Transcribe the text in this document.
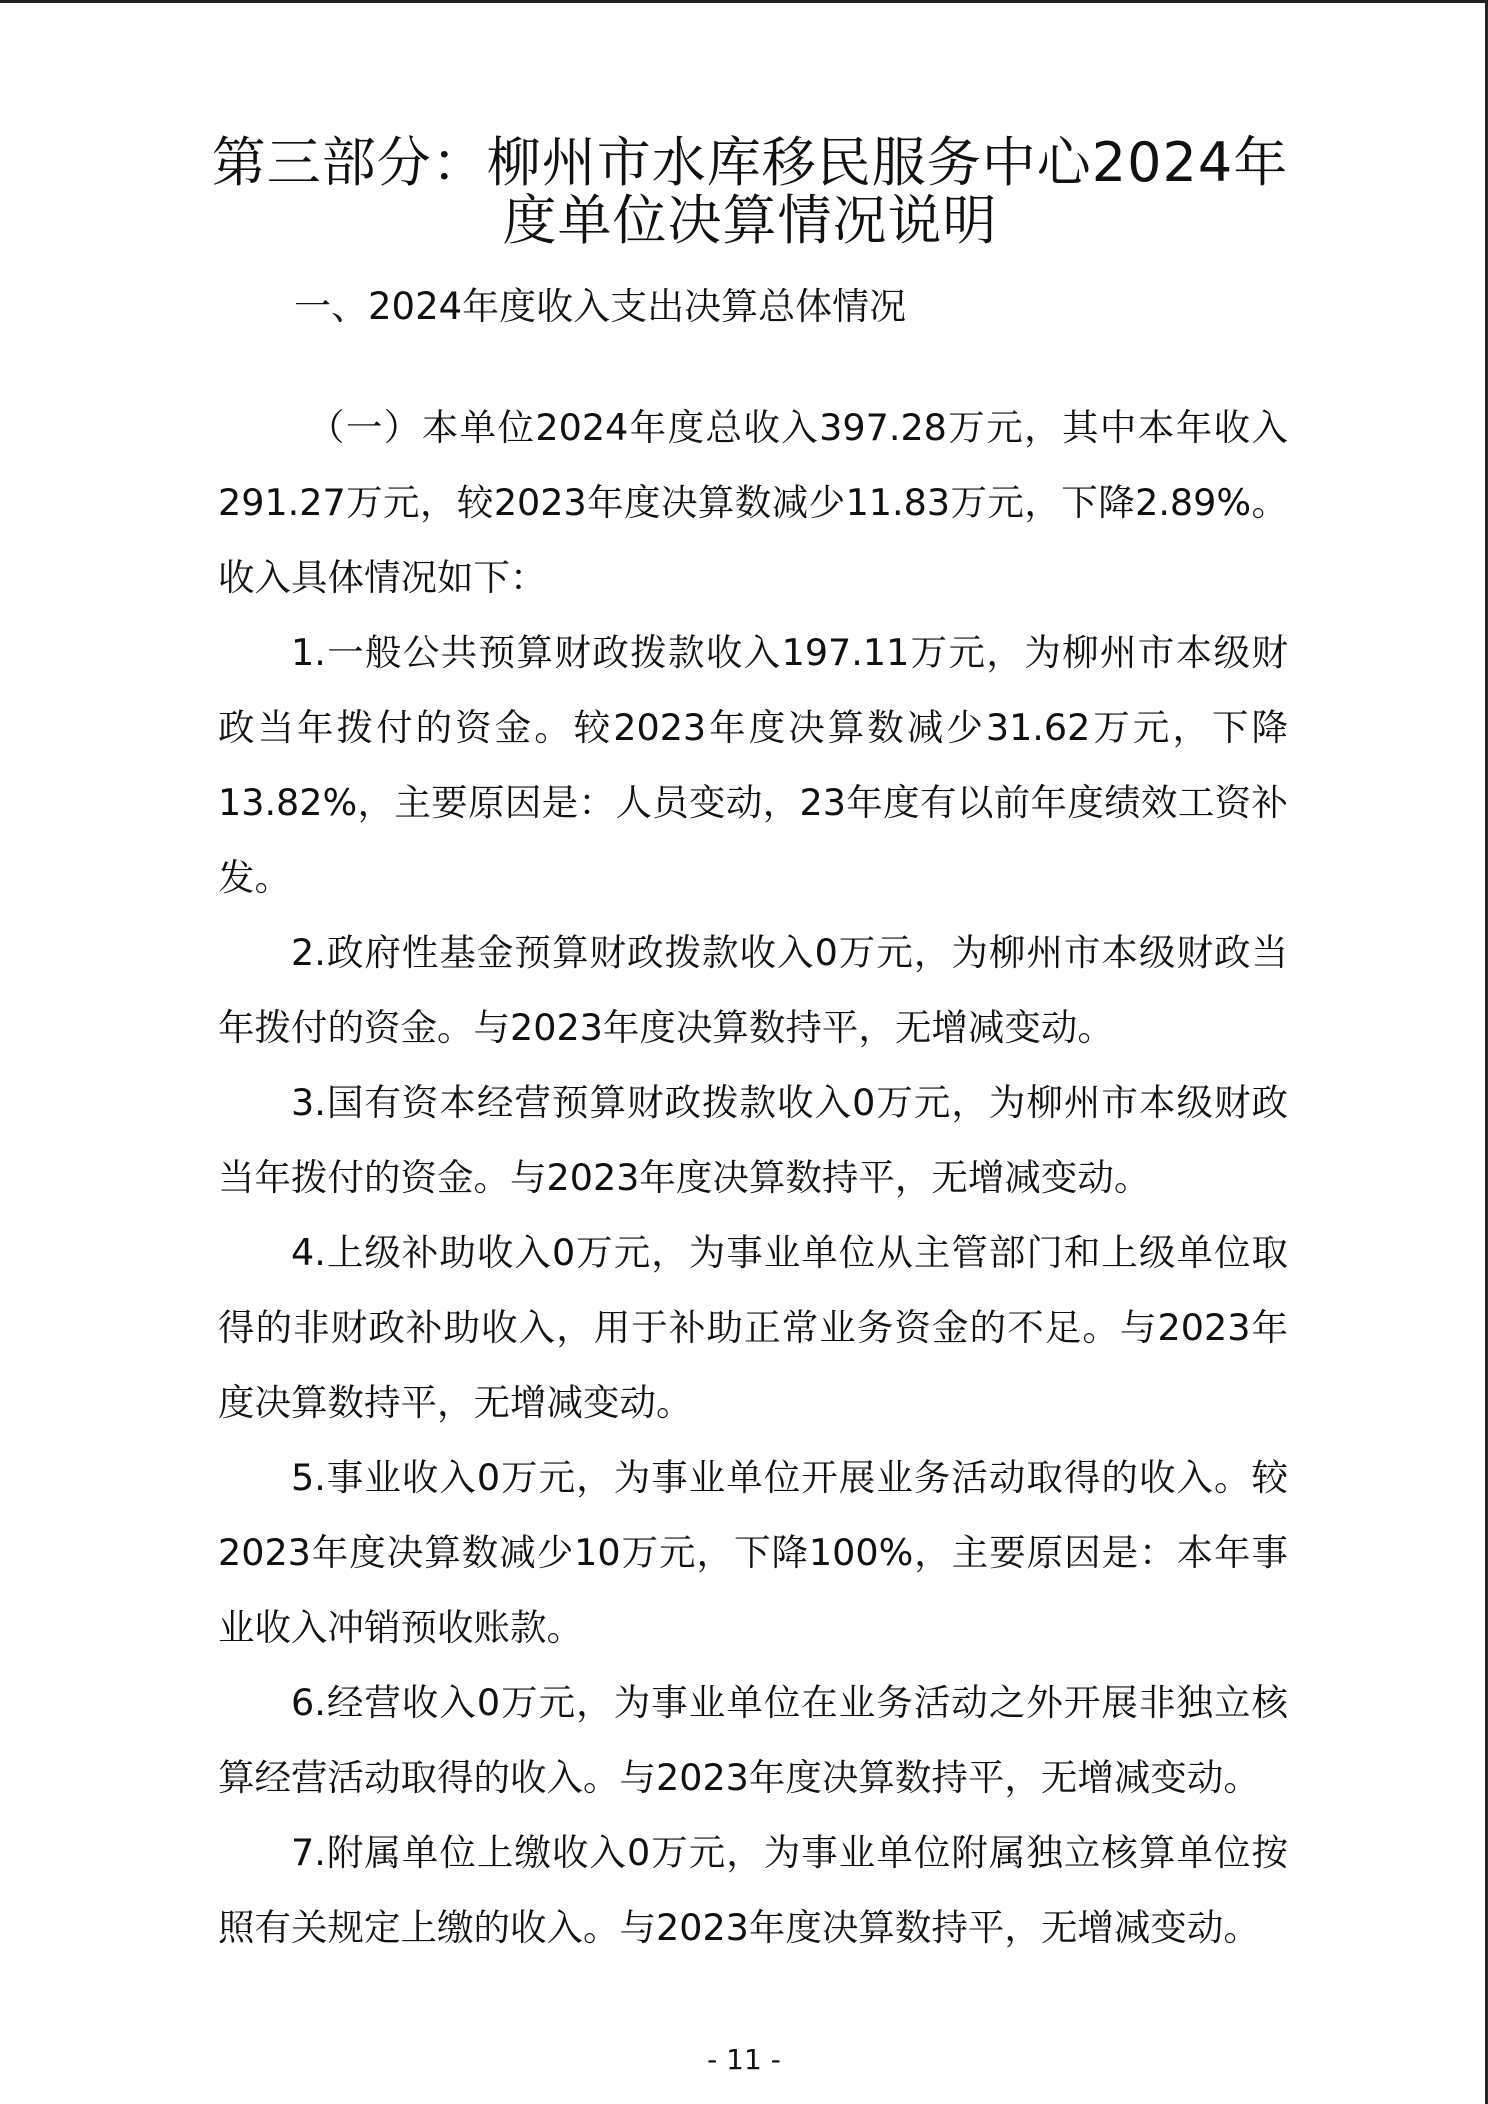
第三部分：柳州市水库移民服务中心2024年
度单位决算情况说明
一、2024年度收入支出决算总体情况

（一）本单位2024年度总收入397.28万元，其中本年收入291.27万元，较2023年度决算数减少11.83万元，下降2.89%。收入具体情况如下：

1.一般公共预算财政拨款收入197.11万元，为柳州市本级财政当年拨付的资金。较2023年度决算数减少31.62万元，下降13.82%，主要原因是：人员变动，23年度有以前年度绩效工资补发。

2.政府性基金预算财政拨款收入0万元，为柳州市本级财政当年拨付的资金。与2023年度决算数持平，无增减变动。

3.国有资本经营预算财政拨款收入0万元，为柳州市本级财政当年拨付的资金。与2023年度决算数持平，无增减变动。

4.上级补助收入0万元，为事业单位从主管部门和上级单位取得的非财政补助收入，用于补助正常业务资金的不足。与2023年度决算数持平，无增减变动。

5.事业收入0万元，为事业单位开展业务活动取得的收入。较2023年度决算数减少10万元，下降100%，主要原因是：本年事业收入冲销预收账款。

6.经营收入0万元，为事业单位在业务活动之外开展非独立核算经营活动取得的收入。与2023年度决算数持平，无增减变动。

7.附属单位上缴收入0万元，为事业单位附属独立核算单位按照有关规定上缴的收入。与2023年度决算数持平，无增减变动。

- 11 -
